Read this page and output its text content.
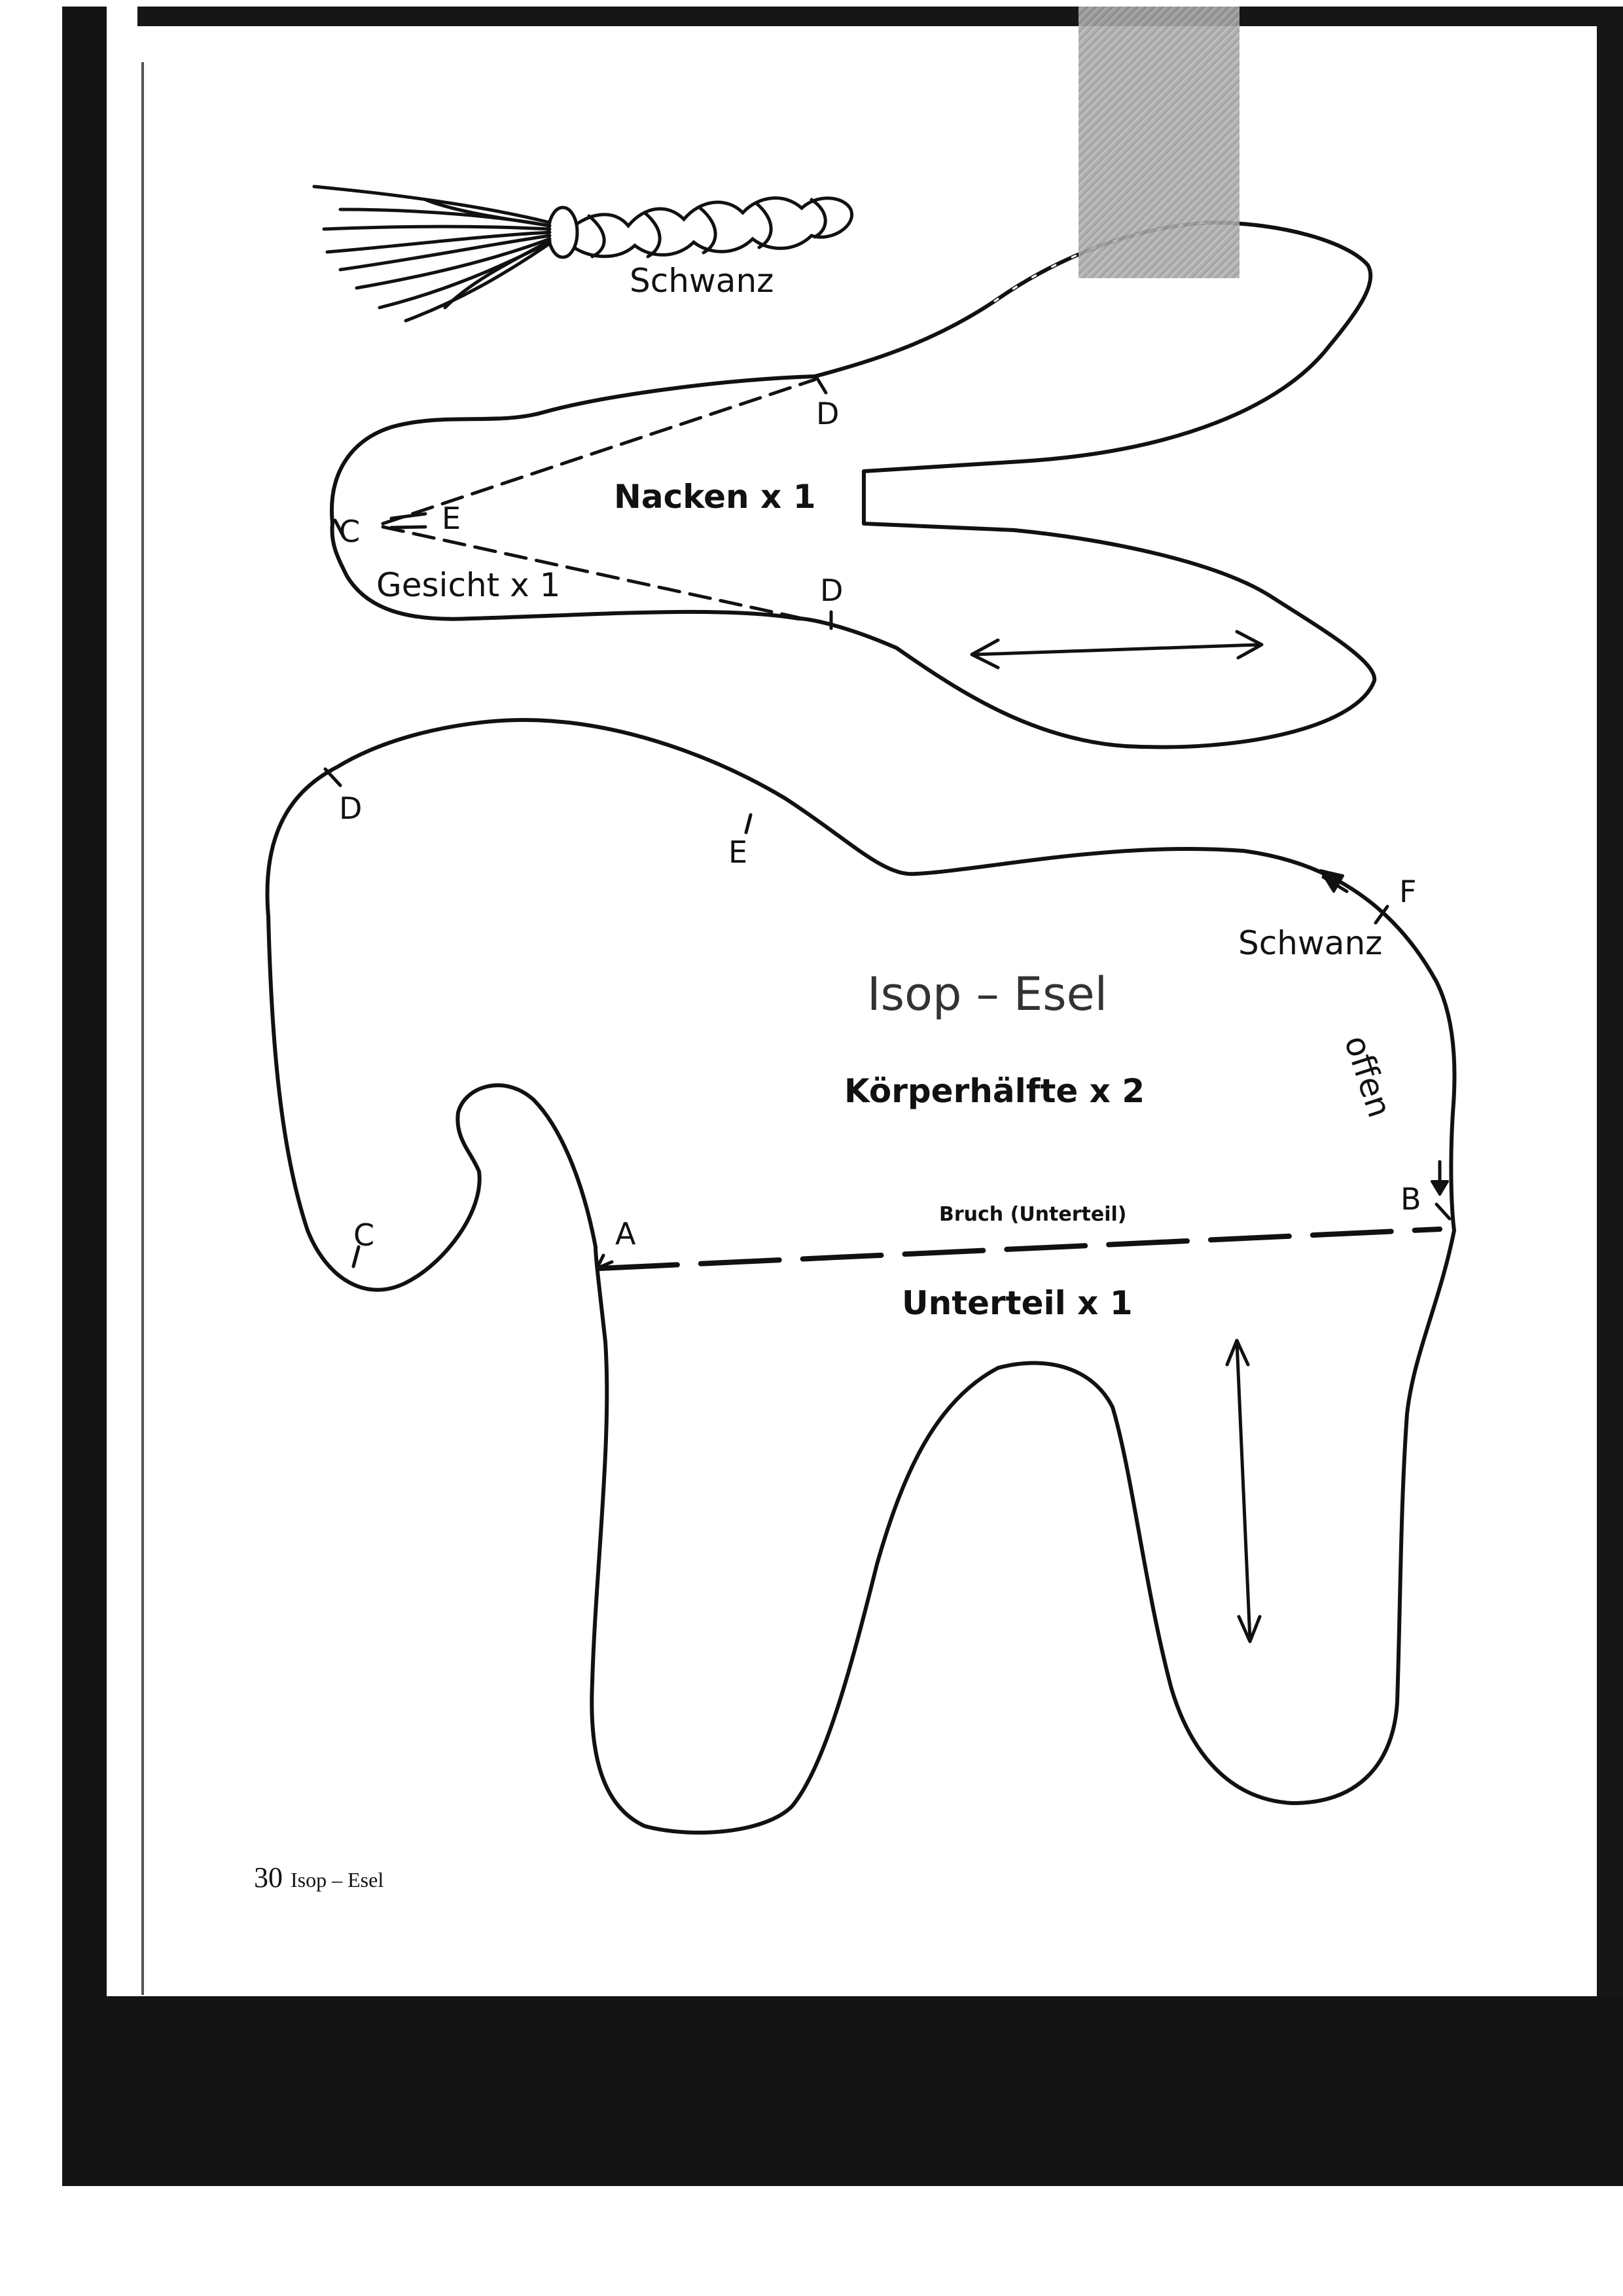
Schwanz
D
Nacken x 1
C	E
Gesicht x 1	D
D
E
F
Schwanz
Isop – Esel
offen
Körperhälfte x 2
Bruch (Unterteil)	B
A
C
Unterteil x 1
30 Isop – Esel
